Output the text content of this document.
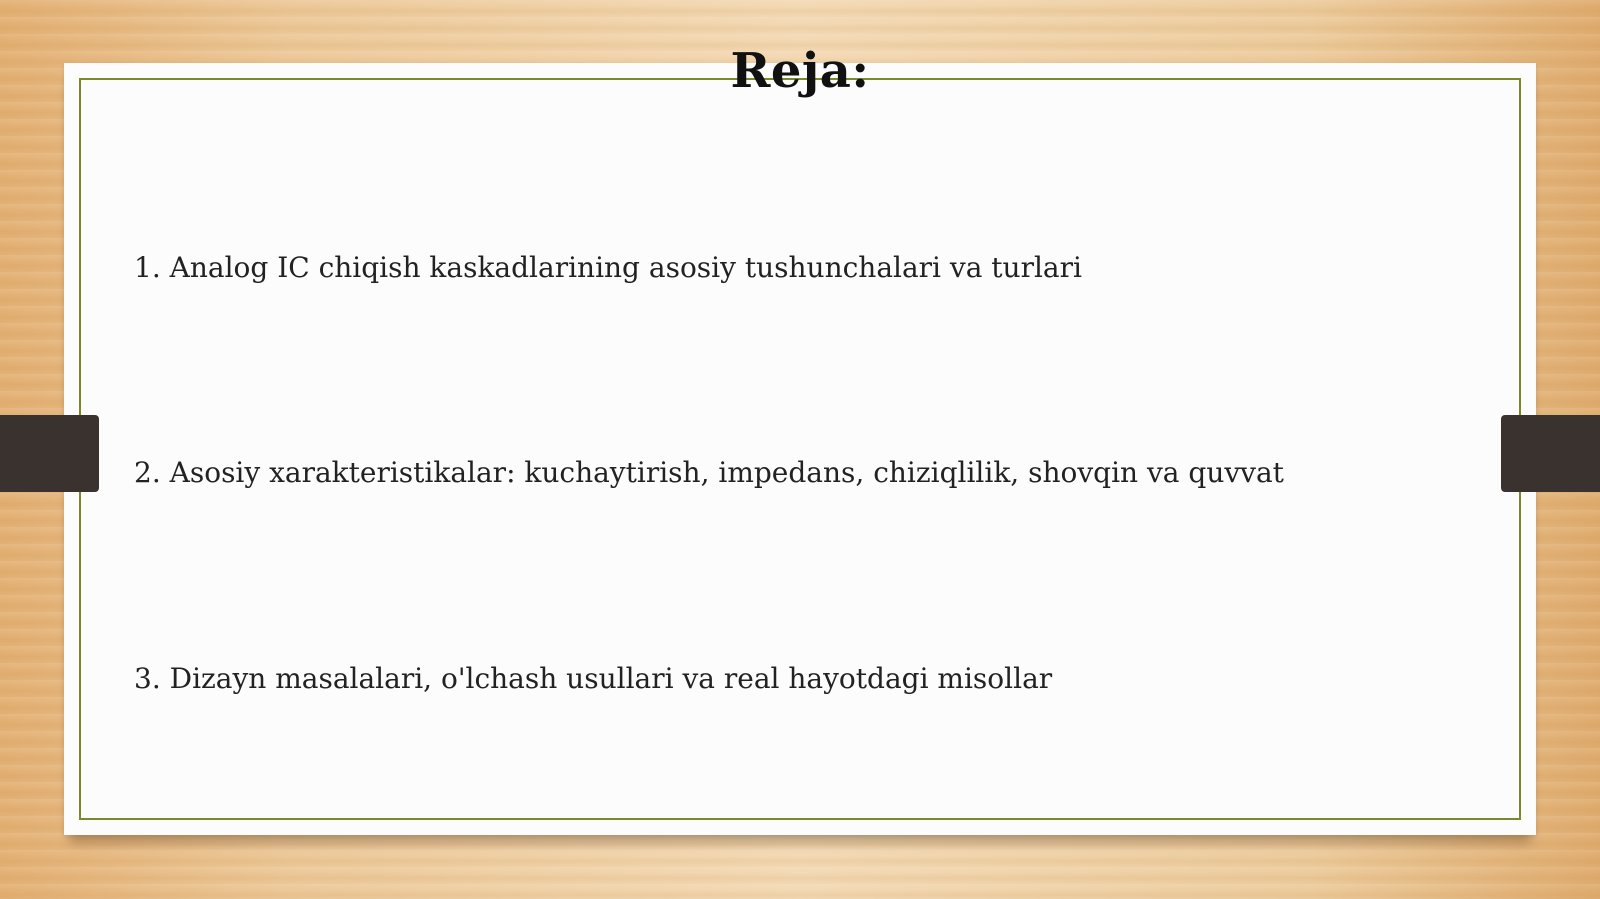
Reja:
1. Analog IC chiqish kaskadlarining asosiy tushunchalari va turlari
2. Asosiy xarakteristikalar: kuchaytirish, impedans, chiziqlilik, shovqin va quvvat
3. Dizayn masalalari, o'lchash usullari va real hayotdagi misollar
